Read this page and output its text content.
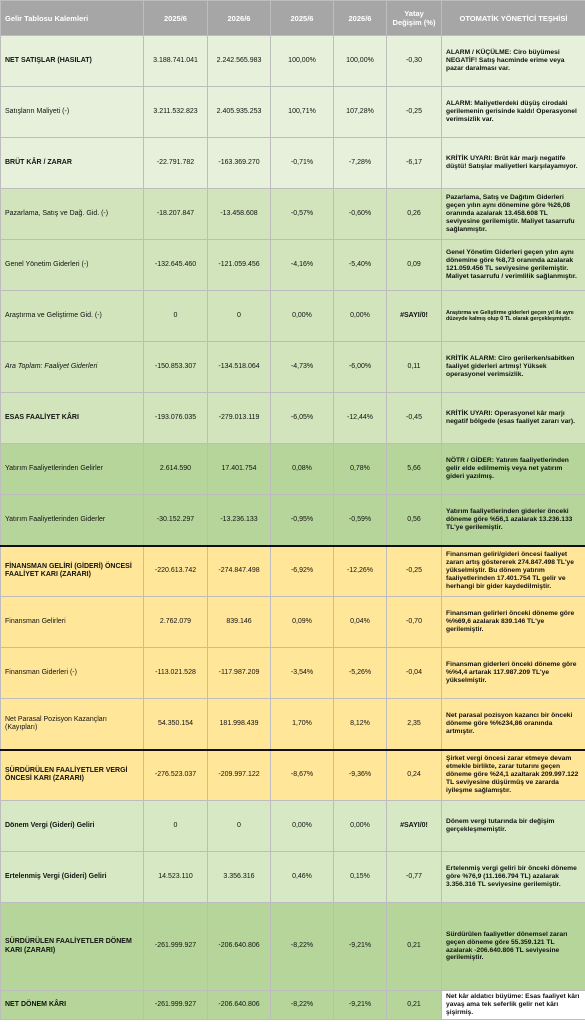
Gelir Tablosu Kalemleri	2025/6	2026/6	2025/6	2026/6	Yatay Değişim (%)	OTOMATİK YÖNETİCİ TEŞHİSİ
NET SATIŞLAR (HASILAT)	3.188.741.041	2.242.565.983	100,00%	100,00%	-0,30	ALARM / KÜÇÜLME: Ciro büyümesi NEGATİF! Satış hacminde erime veya pazar daralması var.
Satışların Maliyeti (-)	3.211.532.823	2.405.935.253	100,71%	107,28%	-0,25	ALARM: Maliyetlerdeki düşüş cirodaki gerilemenin gerisinde kaldı! Operasyonel verimsizlik var.
BRÜT KÂR / ZARAR	-22.791.782	-163.369.270	-0,71%	-7,28%	-6,17	KRİTİK UYARI: Brüt kâr marjı negatife düştü! Satışlar maliyetleri karşılayamıyor.
Pazarlama, Satış ve Dağ. Gid. (-)	-18.207.847	-13.458.608	-0,57%	-0,60%	0,26	Pazarlama, Satış ve Dağıtım Giderleri geçen yılın aynı dönemine göre %26,08 oranında azalarak 13.458.608 TL seviyesine gerilemiştir. Maliyet tasarrufu sağlanmıştır.
Genel Yönetim Giderleri (-)	-132.645.460	-121.059.456	-4,16%	-5,40%	0,09	Genel Yönetim Giderleri geçen yılın aynı dönemine göre %8,73 oranında azalarak 121.059.456 TL seviyesine gerilemiştir. Maliyet tasarrufu / verimlilik sağlanmıştır.
Araştırma ve Geliştirme Gid. (-)	0	0	0,00%	0,00%	#SAYI/0!	Araştırma ve Geliştirme giderleri geçen yıl ile aynı düzeyde kalmış olup 0 TL olarak gerçekleşmiştir.
Ara Toplam: Faaliyet Giderleri	-150.853.307	-134.518.064	-4,73%	-6,00%	0,11	KRİTİK ALARM: Ciro gerilerken/sabitken faaliyet giderleri artmış! Yüksek operasyonel verimsizlik.
ESAS FAALİYET KÂRI	-193.076.035	-279.013.119	-6,05%	-12,44%	-0,45	KRİTİK UYARI: Operasyonel kâr marjı negatif bölgede (esas faaliyet zararı var).
Yatırım Faaliyetlerinden Gelirler	2.614.590	17.401.754	0,08%	0,78%	5,66	NÖTR / GİDER: Yatırım faaliyetlerinden gelir elde edilmemiş veya net yatırım gideri yazılmış.
Yatırım Faaliyetlerinden Giderler	-30.152.297	-13.236.133	-0,95%	-0,59%	0,56	Yatırım faaliyetlerinden giderler önceki döneme göre %56,1 azalarak 13.236.133 TL'ye gerilemiştir.
FİNANSMAN GELİRİ (GİDERİ) ÖNCESİ FAALİYET KARI (ZARARI)	-220.613.742	-274.847.498	-6,92%	-12,26%	-0,25	Finansman geliri/gideri öncesi faaliyet zararı artış göstererek 274.847.498 TL'ye yükselmiştir. Bu dönem yatırım faaliyetlerinden 17.401.754 TL gelir ve herhangi bir gider kaydedilmiştir.
Finansman Gelirleri	2.762.079	839.146	0,09%	0,04%	-0,70	Finansman gelirleri önceki döneme göre %%69,6 azalarak 839.146 TL'ye gerilemiştir.
Finansman Giderleri (-)	-113.021.528	-117.987.209	-3,54%	-5,26%	-0,04	Finansman giderleri önceki döneme göre %%4,4 artarak 117.987.209 TL'ye yükselmiştir.
Net Parasal Pozisyon Kazançları (Kayıpları)	54.350.154	181.998.439	1,70%	8,12%	2,35	Net parasal pozisyon kazancı bir önceki döneme göre %%234,86 oranında artmıştır.
SÜRDÜRÜLEN FAALİYETLER VERGİ ÖNCESİ KARI (ZARARI)	-276.523.037	-209.997.122	-8,67%	-9,36%	0,24	Şirket vergi öncesi zarar etmeye devam etmekle birlikte, zarar tutarını geçen döneme göre %24,1 azaltarak 209.997.122 TL seviyesine düşürmüş ve zararda iyileşme sağlamıştır.
Dönem Vergi (Gideri) Geliri	0	0	0,00%	0,00%	#SAYI/0!	Dönem vergi tutarında bir değişim gerçekleşmemiştir.
Ertelenmiş Vergi (Gideri) Geliri	14.523.110	3.356.316	0,46%	0,15%	-0,77	Ertelenmiş vergi geliri bir önceki döneme göre %76,9 (11.166.794 TL) azalarak 3.356.316 TL seviyesine gerilemiştir.
SÜRDÜRÜLEN FAALİYETLER DÖNEM KARI (ZARARI)	-261.999.927	-206.640.806	-8,22%	-9,21%	0,21	Sürdürülen faaliyetler dönemsel zararı geçen döneme göre 55.359.121 TL azalarak -206.640.806 TL seviyesine gerilemiştir.
NET DÖNEM KÂRI	-261.999.927	-206.640.806	-8,22%	-9,21%	0,21	Net kâr aldatıcı büyüme: Esas faaliyet kârı yavaş ama tek seferlik gelir net kârı şişirmiş.
